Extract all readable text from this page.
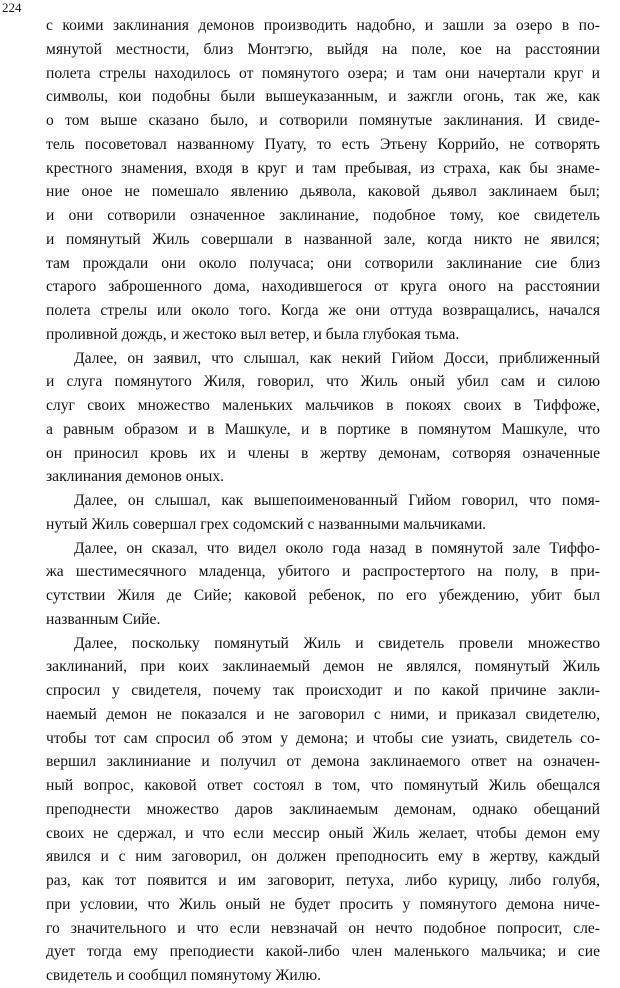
224
с коими заклинания демонов производить надобно, и зашли за озеро в по-
мянутой местности, близ Монтэгю, выйдя на поле, кое на расстоянии
полета стрелы находилось от помянутого озера; и там они начертали круг и
символы, кои подобны были вышеуказанным, и зажгли огонь, так же, как
о том выше сказано было, и сотворили помянутые заклинания. И свиде-
тель посоветовал названному Пуату, то есть Этьену Коррийо, не сотворять
крестного знамения, входя в круг и там пребывая, из страха, как бы знаме-
ние оное не помешало явлению дьявола, каковой дьявол заклинаем был;
и они сотворили означенное заклинание, подобное тому, кое свидетель
и помянутый Жиль совершали в названной зале, когда никто не явился;
там прождали они около получаса; они сотворили заклинание сие близ
старого заброшенного дома, находившегося от круга оного на расстоянии
полета стрелы или около того. Когда же они оттуда возвращались, начался
проливной дождь, и жестоко выл ветер, и была глубокая тьма.
Далее, он заявил, что слышал, как некий Гийом Досси, приближенный
и слуга помянутого Жиля, говорил, что Жиль оный убил сам и силою
слуг своих множество маленьких мальчиков в покоях своих в Тиффоже,
а равным образом и в Машкуле, и в портике в помянутом Машкуле, что
он приносил кровь их и члены в жертву демонам, сотворяя означенные
заклинания демонов оных.
Далее, он слышал, как вышепоименованный Гийом говорил, что помя-
нутый Жиль совершал грех содомский с названными мальчиками.
Далее, он сказал, что видел около года назад в помянутой зале Тиффо-
жа шестимесячного младенца, убитого и распростертого на полу, в при-
сутствии Жиля де Сийе; каковой ребенок, по его убеждению, убит был
названным Сийе.
Далее, поскольку помянутый Жиль и свидетель провели множество
заклинаний, при коих заклинаемый демон не являлся, помянутый Жиль
спросил у свидетеля, почему так происходит и по какой причине закли-
наемый демон не показался и не заговорил с ними, и приказал свидетелю,
чтобы тот сам спросил об этом у демона; и чтобы сие узиать, свидетель со-
вершил заклиниание и получил от демона заклинаемого ответ на означен-
ный вопрос, каковой ответ состоял в том, что помянутый Жиль обещался
преподнести множество даров заклинаемым демонам, однако обещаний
своих не сдержал, и что если мессир оный Жиль желает, чтобы демон ему
явился и с ним заговорил, он должен преподносить ему в жертву, каждый
раз, как тот появится и им заговорит, петуха, либо курицу, либо голубя,
при условии, что Жиль оный не будет просить у помянутого демона ниче-
го значительного и что если невзначай он нечто подобное попросит, сле-
дует тогда ему преподиести какой-либо член маленького мальчика; и сие
свидетель и сообщил помянутому Жилю.
